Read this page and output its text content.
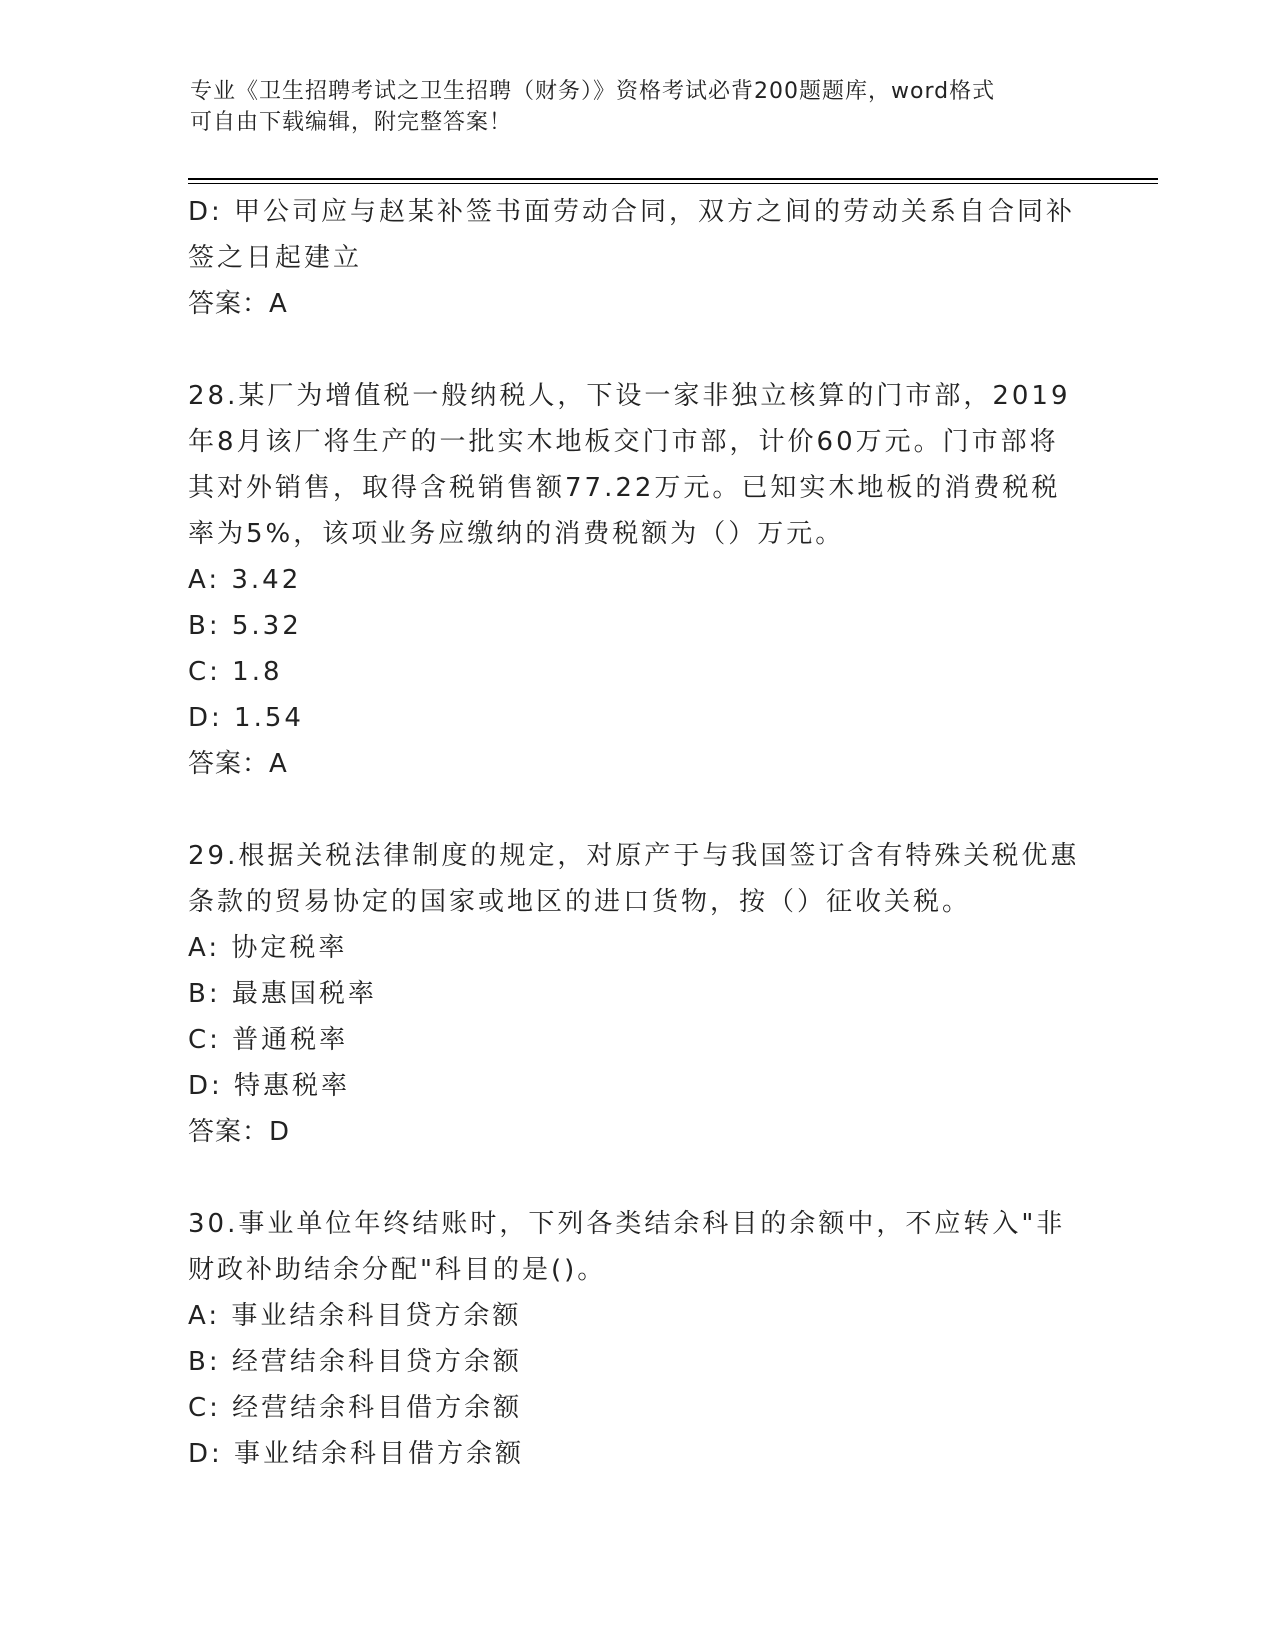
专业《卫生招聘考试之卫生招聘（财务）》资格考试必背200题题库，word格式
可自由下载编辑，附完整答案！

D: 甲公司应与赵某补签书面劳动合同，双方之间的劳动关系自合同补

签之日起建立

答案：A

28.某厂为增值税一般纳税人，下设一家非独立核算的门市部，2019

年8月该厂将生产的一批实木地板交门市部，计价60万元。门市部将

其对外销售，取得含税销售额77.22万元。已知实木地板的消费税税

率为5%，该项业务应缴纳的消费税额为（）万元。

A: 3.42

B: 5.32

C: 1.8

D: 1.54

答案：A

29.根据关税法律制度的规定，对原产于与我国签订含有特殊关税优惠

条款的贸易协定的国家或地区的进口货物，按（）征收关税。

A: 协定税率

B: 最惠国税率

C: 普通税率

D: 特惠税率

答案：D

30.事业单位年终结账时，下列各类结余科目的余额中，不应转入"非

财政补助结余分配"科目的是()。

A: 事业结余科目贷方余额

B: 经营结余科目贷方余额

C: 经营结余科目借方余额

D: 事业结余科目借方余额
